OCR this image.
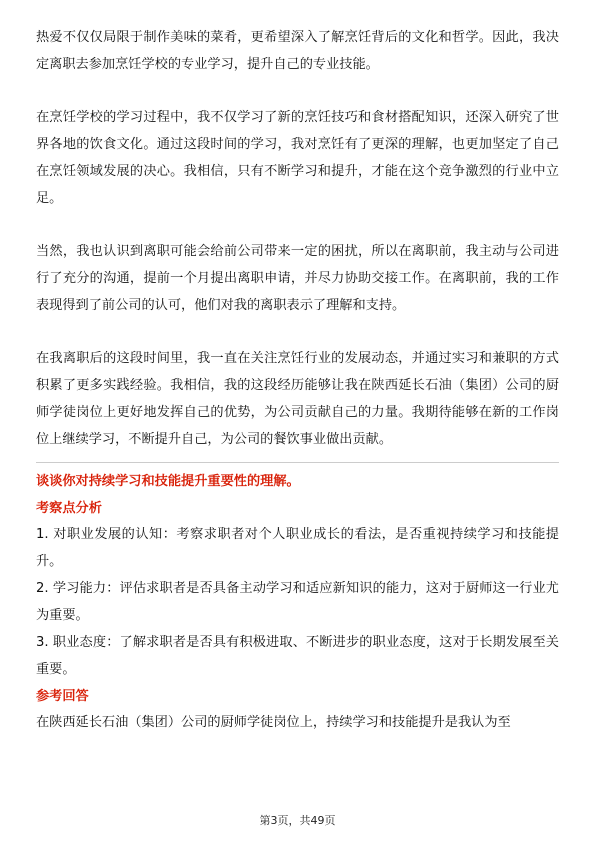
热爱不仅仅局限于制作美味的菜肴，更希望深入了解烹饪背后的文化和哲学。因此，我决定离职去参加烹饪学校的专业学习，提升自己的专业技能。

在烹饪学校的学习过程中，我不仅学习了新的烹饪技巧和食材搭配知识，还深入研究了世界各地的饮食文化。通过这段时间的学习，我对烹饪有了更深的理解，也更加坚定了自己在烹饪领域发展的决心。我相信，只有不断学习和提升，才能在这个竞争激烈的行业中立足。

当然，我也认识到离职可能会给前公司带来一定的困扰，所以在离职前，我主动与公司进行了充分的沟通，提前一个月提出离职申请，并尽力协助交接工作。在离职前，我的工作表现得到了前公司的认可，他们对我的离职表示了理解和支持。

在我离职后的这段时间里，我一直在关注烹饪行业的发展动态，并通过实习和兼职的方式积累了更多实践经验。我相信，我的这段经历能够让我在陕西延长石油（集团）公司的厨师学徒岗位上更好地发挥自己的优势，为公司贡献自己的力量。我期待能够在新的工作岗位上继续学习，不断提升自己，为公司的餐饮事业做出贡献。

谈谈你对持续学习和技能提升重要性的理解。

考察点分析

1. 对职业发展的认知：考察求职者对个人职业成长的看法，是否重视持续学习和技能提升。

2. 学习能力：评估求职者是否具备主动学习和适应新知识的能力，这对于厨师这一行业尤为重要。

3. 职业态度：了解求职者是否具有积极进取、不断进步的职业态度，这对于长期发展至关重要。

参考回答

在陕西延长石油（集团）公司的厨师学徒岗位上，持续学习和技能提升是我认为至

第3页，共49页
